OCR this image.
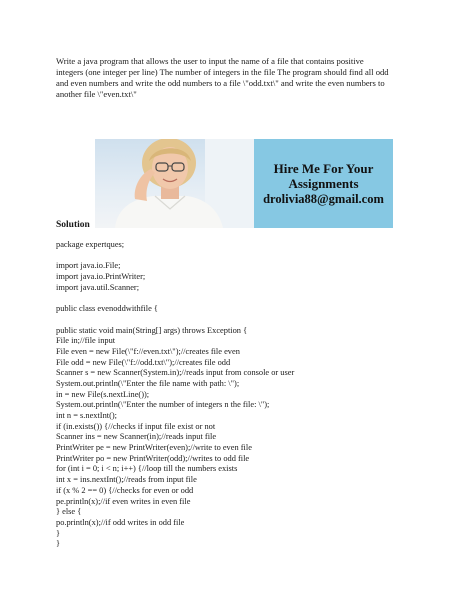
Write a java program that allows the user to input the name of a file that contains positive
integers (one integer per line) The number of integers in the file The program should find all odd
and even numbers and write the odd numbers to a file \"odd.txt\" and write the even numbers to
another file \"even.txt\"
Hire Me For Your
Assignments
drolivia88@gmail.com
Solution
package expertques;
import java.io.File;
import java.io.PrintWriter;
import java.util.Scanner;
public class evenoddwithfile {
public static void main(String[] args) throws Exception {
File in;//file input
File even = new File(\"f://even.txt\");//creates file even
File odd = new File(\"f://odd.txt\");//creates file odd
Scanner s = new Scanner(System.in);//reads input from console or user
System.out.println(\"Enter the file name with path: \");
in = new File(s.nextLine());
System.out.println(\"Enter the number of integers n the file: \");
int n = s.nextInt();
if (in.exists()) {//checks if input file exist or not
Scanner ins = new Scanner(in);//reads input file
PrintWriter pe = new PrintWriter(even);//write to even file
PrintWriter po = new PrintWriter(odd);//writes to odd file
for (int i = 0; i < n; i++) {//loop till the numbers exists
int x = ins.nextInt();//reads from input file
if (x % 2 == 0) {//checks for even or odd
pe.println(x);//if even writes in even file
} else {
po.println(x);//if odd writes in odd file
}
}
